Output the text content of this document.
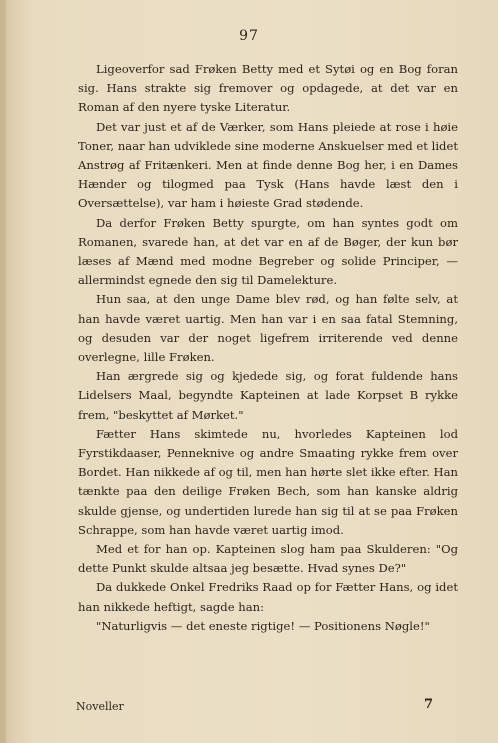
97

Ligeoverfor sad Frøken Betty med et Sytøi og en Bog foran sig. Hans strakte sig fremover og opdagede, at det var en Roman af den nyere tyske Literatur.

Det var just et af de Værker, som Hans pleiede at rose i høie Toner, naar han udviklede sine moderne Anskuelser med et lidet Anstrøg af Fritænkeri. Men at finde denne Bog her, i en Dames Hænder og tilogmed paa Tysk (Hans havde læst den i Oversættelse), var ham i høieste Grad stødende.

Da derfor Frøken Betty spurgte, om han syntes godt om Romanen, svarede han, at det var en af de Bøger, der kun bør læses af Mænd med modne Begreber og solide Principer, — allermindst egnede den sig til Damelekture.

Hun saa, at den unge Dame blev rød, og han følte selv, at han havde været uartig. Men han var i en saa fatal Stemning, og desuden var der noget ligefrem irriterende ved denne overlegne, lille Frøken.

Han ærgrede sig og kjedede sig, og forat fuldende hans Lidelsers Maal, begyndte Kapteinen at lade Korpset B rykke frem, "beskyttet af Mørket."

Fætter Hans skimtede nu, hvorledes Kapteinen lod Fyrstikdaaser, Penneknive og andre Smaating rykke frem over Bordet. Han nikkede af og til, men han hørte slet ikke efter. Han tænkte paa den deilige Frøken Bech, som han kanske aldrig skulde gjense, og undertiden lurede han sig til at se paa Frøken Schrappe, som han havde været uartig imod.

Med et for han op. Kapteinen slog ham paa Skulderen: "Og dette Punkt skulde altsaa jeg besætte. Hvad synes De?"

Da dukkede Onkel Fredriks Raad op for Fætter Hans, og idet han nikkede heftigt, sagde han:

"Naturligvis — det eneste rigtige! — Positionens Nøgle!"

Noveller	7
